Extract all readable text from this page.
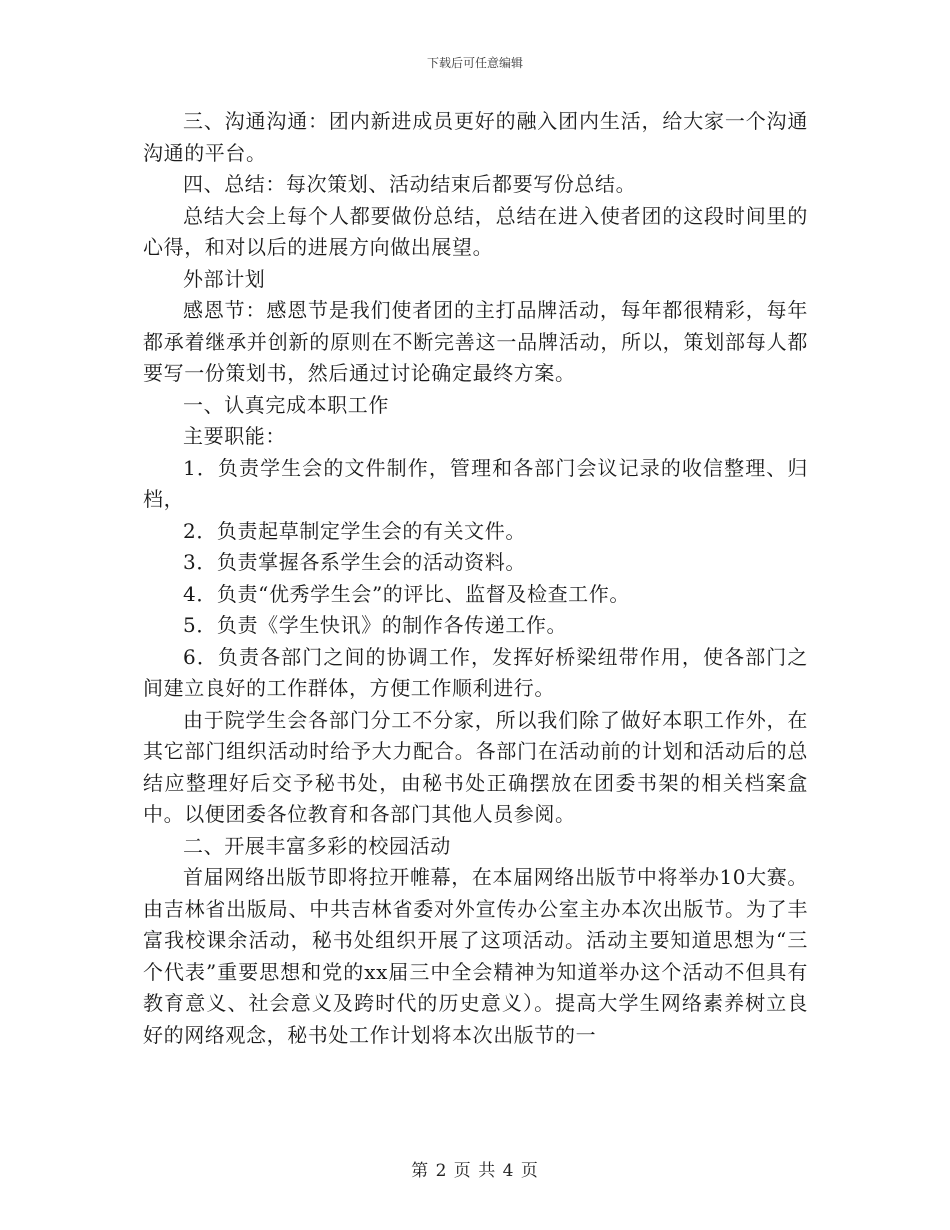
下载后可任意编辑

三、沟通沟通：团内新进成员更好的融入团内生活，给大家一个沟通沟通的平台。

四、总结：每次策划、活动结束后都要写份总结。

总结大会上每个人都要做份总结，总结在进入使者团的这段时间里的心得，和对以后的进展方向做出展望。

外部计划

感恩节：感恩节是我们使者团的主打品牌活动，每年都很精彩，每年都承着继承并创新的原则在不断完善这一品牌活动，所以，策划部每人都要写一份策划书，然后通过讨论确定最终方案。

一、认真完成本职工作

主要职能：

1．负责学生会的文件制作，管理和各部门会议记录的收信整理、归档，

2．负责起草制定学生会的有关文件。

3．负责掌握各系学生会的活动资料。

4．负责“优秀学生会”的评比、监督及检查工作。

5．负责《学生快讯》的制作各传递工作。

6．负责各部门之间的协调工作，发挥好桥梁纽带作用，使各部门之间建立良好的工作群体，方便工作顺利进行。

由于院学生会各部门分工不分家，所以我们除了做好本职工作外，在其它部门组织活动时给予大力配合。各部门在活动前的计划和活动后的总结应整理好后交予秘书处，由秘书处正确摆放在团委书架的相关档案盒中。以便团委各位教育和各部门其他人员参阅。

二、开展丰富多彩的校园活动

首届网络出版节即将拉开帷幕，在本届网络出版节中将举办10大赛。由吉林省出版局、中共吉林省委对外宣传办公室主办本次出版节。为了丰富我校课余活动，秘书处组织开展了这项活动。活动主要知道思想为“三个代表”重要思想和党的xx届三中全会精神为知道举办这个活动不但具有教育意义、社会意义及跨时代的历史意义）。提高大学生网络素养树立良好的网络观念，秘书处工作计划将本次出版节的一

第 2 页 共 4 页
